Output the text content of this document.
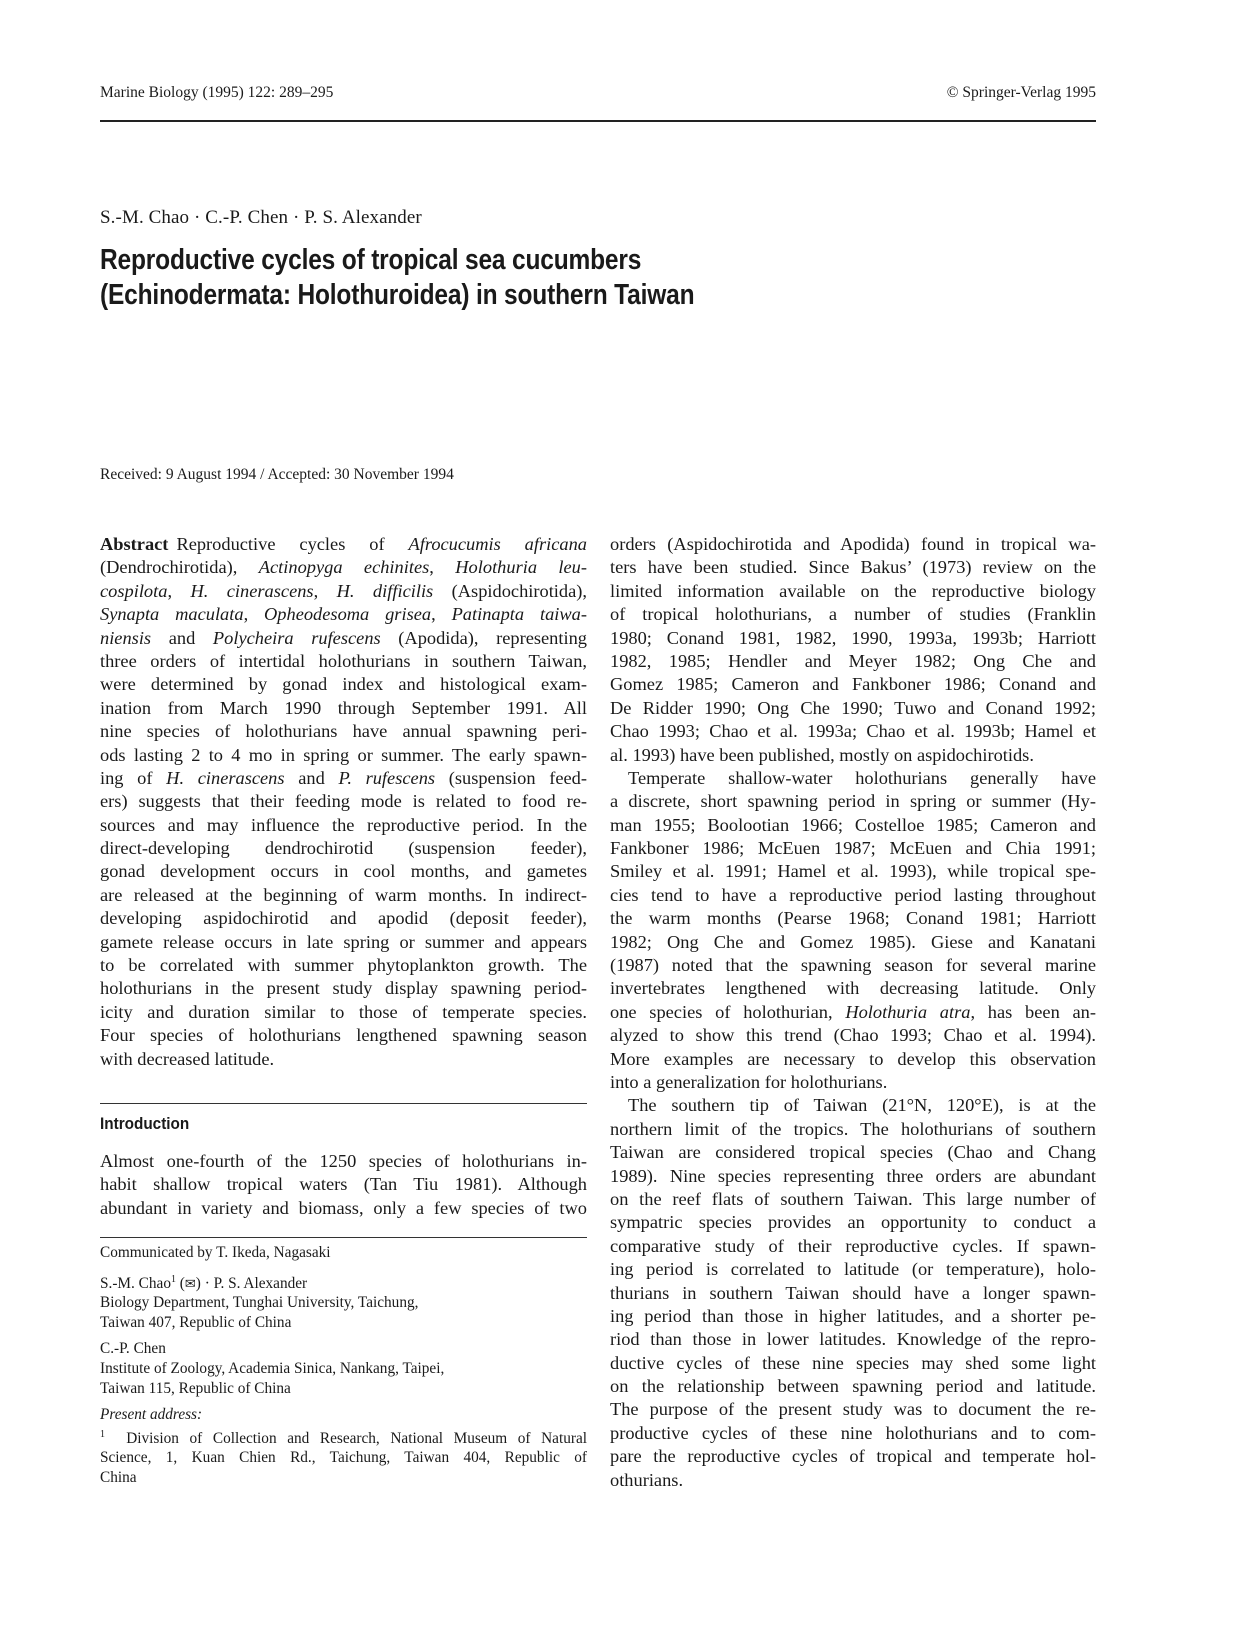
Marine Biology (1995) 122: 289–295	© Springer-Verlag 1995
S.-M. Chao · C.-P. Chen · P. S. Alexander
Reproductive cycles of tropical sea cucumbers
(Echinodermata: Holothuroidea) in southern Taiwan
Received: 9 August 1994 / Accepted: 30 November 1994
Abstract Reproductive cycles of Afrocucumis africana
(Dendrochirotida), Actinopyga echinites, Holothuria leu-
cospilota, H. cinerascens, H. difficilis (Aspidochirotida),
Synapta maculata, Opheodesoma grisea, Patinapta taiwa-
niensis and Polycheira rufescens (Apodida), representing
three orders of intertidal holothurians in southern Taiwan,
were determined by gonad index and histological exam-
ination from March 1990 through September 1991. All
nine species of holothurians have annual spawning peri-
ods lasting 2 to 4 mo in spring or summer. The early spawn-
ing of H. cinerascens and P. rufescens (suspension feed-
ers) suggests that their feeding mode is related to food re-
sources and may influence the reproductive period. In the
direct-developing dendrochirotid (suspension feeder),
gonad development occurs in cool months, and gametes
are released at the beginning of warm months. In indirect-
developing aspidochirotid and apodid (deposit feeder),
gamete release occurs in late spring or summer and appears
to be correlated with summer phytoplankton growth. The
holothurians in the present study display spawning period-
icity and duration similar to those of temperate species.
Four species of holothurians lengthened spawning season
with decreased latitude.
Introduction
Almost one-fourth of the 1250 species of holothurians in-
habit shallow tropical waters (Tan Tiu 1981). Although
abundant in variety and biomass, only a few species of two
Communicated by T. Ikeda, Nagasaki
S.-M. Chao$^1$ (✉) · P. S. Alexander
Biology Department, Tunghai University, Taichung,
Taiwan 407, Republic of China
C.-P. Chen
Institute of Zoology, Academia Sinica, Nankang, Taipei,
Taiwan 115, Republic of China
Present address:
$^1$ Division of Collection and Research, National Museum of Natural
Science, 1, Kuan Chien Rd., Taichung, Taiwan 404, Republic of
China
orders (Aspidochirotida and Apodida) found in tropical wa-
ters have been studied. Since Bakus’ (1973) review on the
limited information available on the reproductive biology
of tropical holothurians, a number of studies (Franklin
1980; Conand 1981, 1982, 1990, 1993a, 1993b; Harriott
1982, 1985; Hendler and Meyer 1982; Ong Che and
Gomez 1985; Cameron and Fankboner 1986; Conand and
De Ridder 1990; Ong Che 1990; Tuwo and Conand 1992;
Chao 1993; Chao et al. 1993a; Chao et al. 1993b; Hamel et
al. 1993) have been published, mostly on aspidochirotids.
Temperate shallow-water holothurians generally have
a discrete, short spawning period in spring or summer (Hy-
man 1955; Boolootian 1966; Costelloe 1985; Cameron and
Fankboner 1986; McEuen 1987; McEuen and Chia 1991;
Smiley et al. 1991; Hamel et al. 1993), while tropical spe-
cies tend to have a reproductive period lasting throughout
the warm months (Pearse 1968; Conand 1981; Harriott
1982; Ong Che and Gomez 1985). Giese and Kanatani
(1987) noted that the spawning season for several marine
invertebrates lengthened with decreasing latitude. Only
one species of holothurian, Holothuria atra, has been an-
alyzed to show this trend (Chao 1993; Chao et al. 1994).
More examples are necessary to develop this observation
into a generalization for holothurians.
The southern tip of Taiwan (21°N, 120°E), is at the
northern limit of the tropics. The holothurians of southern
Taiwan are considered tropical species (Chao and Chang
1989). Nine species representing three orders are abundant
on the reef flats of southern Taiwan. This large number of
sympatric species provides an opportunity to conduct a
comparative study of their reproductive cycles. If spawn-
ing period is correlated to latitude (or temperature), holo-
thurians in southern Taiwan should have a longer spawn-
ing period than those in higher latitudes, and a shorter pe-
riod than those in lower latitudes. Knowledge of the repro-
ductive cycles of these nine species may shed some light
on the relationship between spawning period and latitude.
The purpose of the present study was to document the re-
productive cycles of these nine holothurians and to com-
pare the reproductive cycles of tropical and temperate hol-
othurians.
